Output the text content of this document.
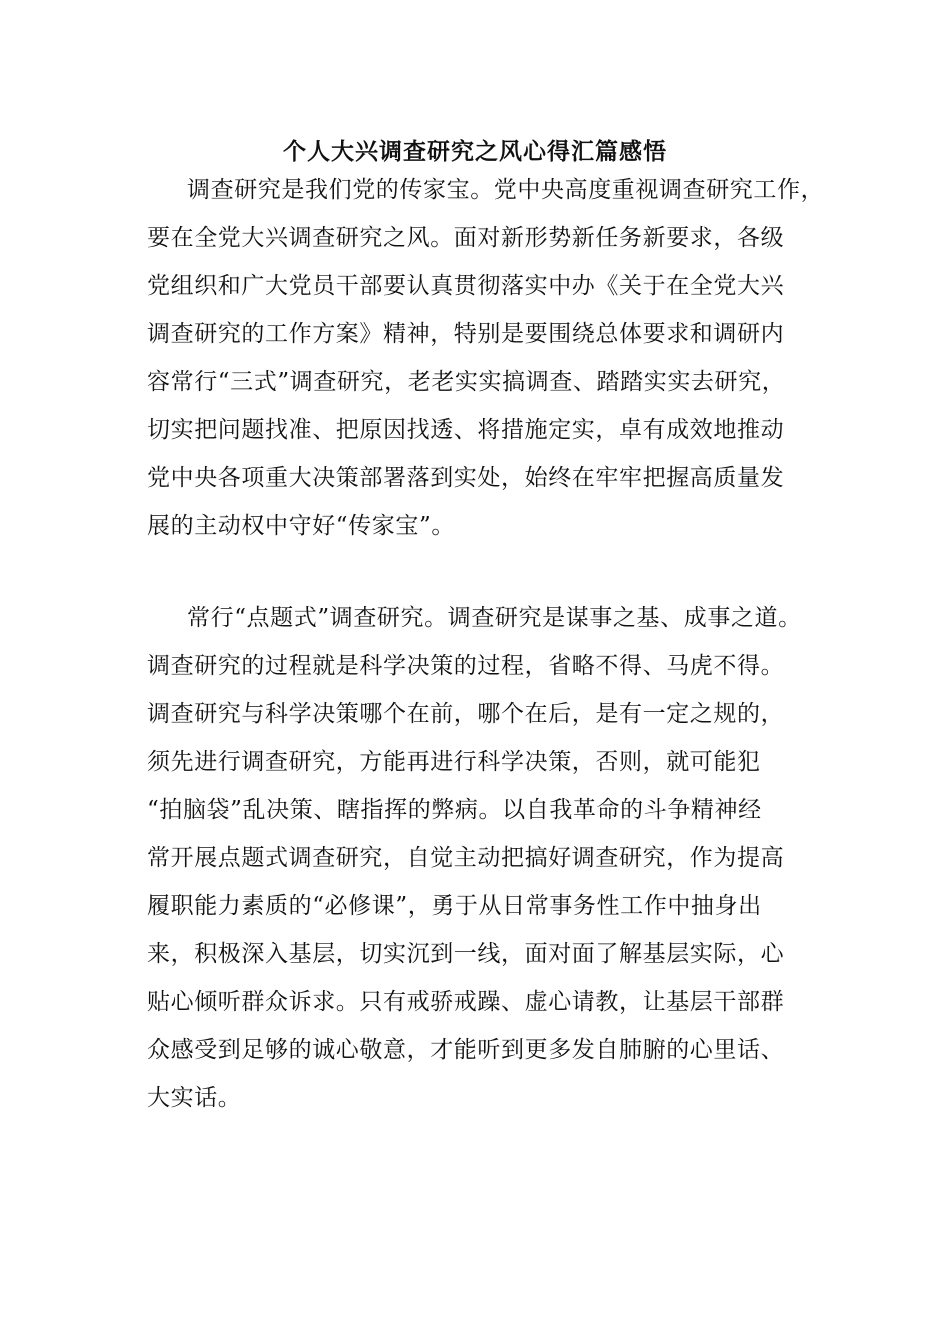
个人大兴调查研究之风心得汇篇感悟
调查研究是我们党的传家宝。党中央高度重视调查研究工作，
要在全党大兴调查研究之风。面对新形势新任务新要求，各级
党组织和广大党员干部要认真贯彻落实中办《关于在全党大兴
调查研究的工作方案》精神，特别是要围绕总体要求和调研内
容常行“三式”调查研究，老老实实搞调查、踏踏实实去研究，
切实把问题找准、把原因找透、将措施定实，卓有成效地推动
党中央各项重大决策部署落到实处，始终在牢牢把握高质量发
展的主动权中守好“传家宝”。
常行“点题式”调查研究。调查研究是谋事之基、成事之道。
调查研究的过程就是科学决策的过程，省略不得、马虎不得。
调查研究与科学决策哪个在前，哪个在后，是有一定之规的，
须先进行调查研究，方能再进行科学决策，否则，就可能犯
“拍脑袋”乱决策、瞎指挥的弊病。以自我革命的斗争精神经
常开展点题式调查研究，自觉主动把搞好调查研究，作为提高
履职能力素质的“必修课”，勇于从日常事务性工作中抽身出
来，积极深入基层，切实沉到一线，面对面了解基层实际，心
贴心倾听群众诉求。只有戒骄戒躁、虚心请教，让基层干部群
众感受到足够的诚心敬意，才能听到更多发自肺腑的心里话、
大实话。
